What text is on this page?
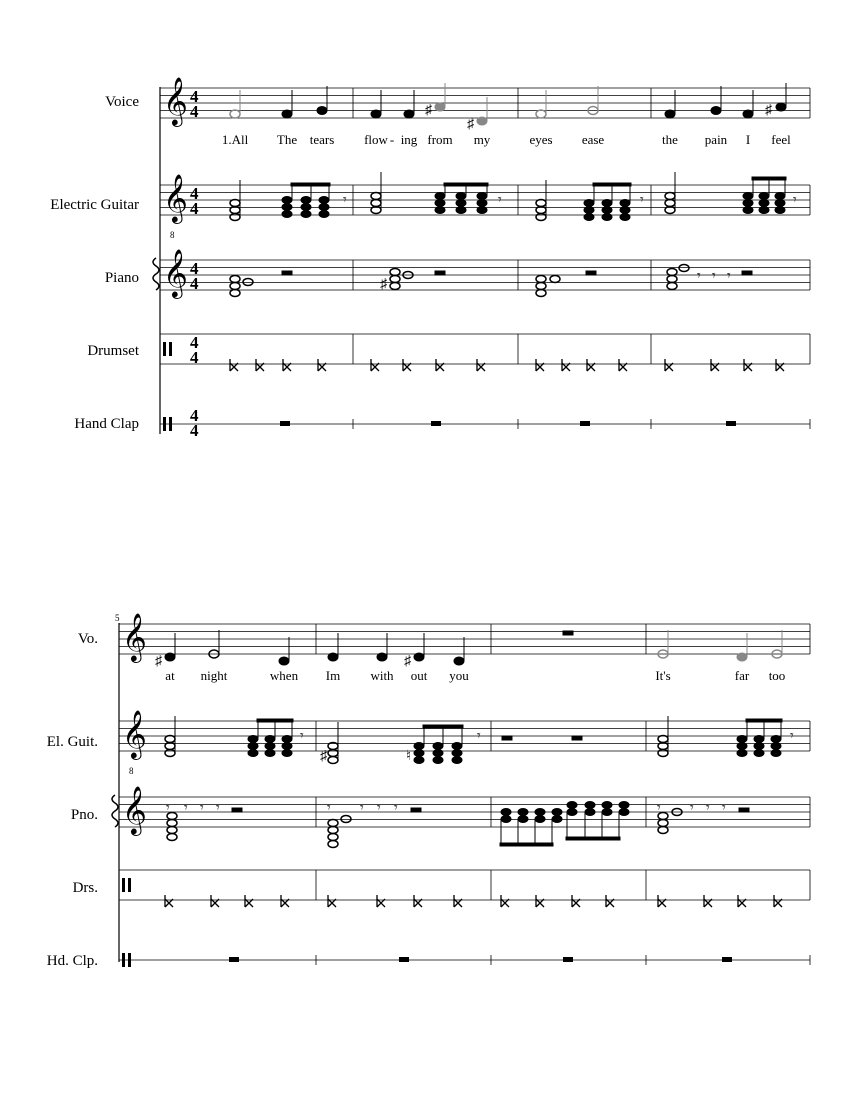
Voice
Electric Guitar
Piano
Drumset
Hand Clap
𝄞 4
4	♯
♯
♯
1.All The tears flow - ing from my	eyes ease	the pain I feel
𝄞
8
4
4	𝄾	𝄾	𝄾	𝄾
𝄞 4
4	♯
𝄾 𝄾 𝄾
4
4
4
4
5
Vo.
El. Guit.
Pno.
Drs.
Hd. Clp.
𝄞
♯	♯
at night	when Im with out you	It's	far too
𝄞
8
𝄾
♯	♮
𝄾	𝄾
𝄞 𝄾 𝄾 𝄾 𝄾	𝄾 𝄾 𝄾 𝄾	𝄾 𝄾 𝄾 𝄾
